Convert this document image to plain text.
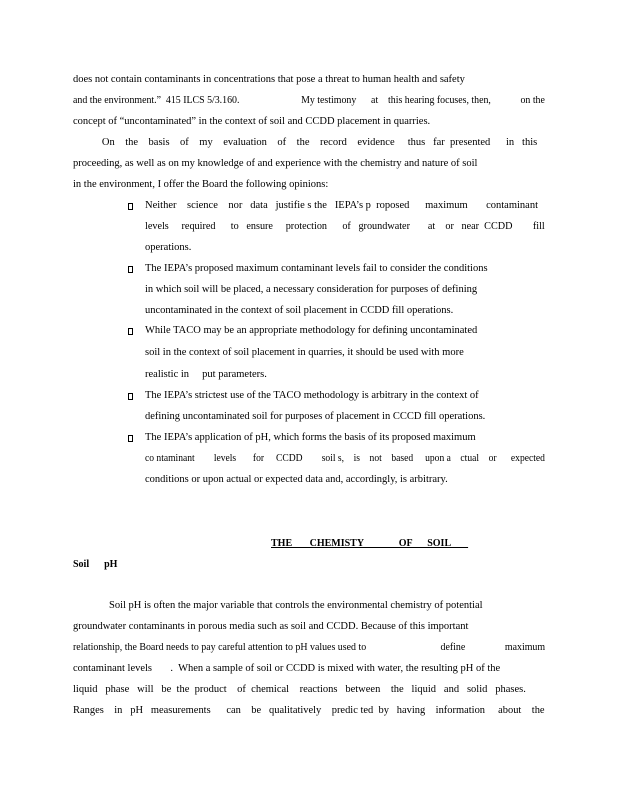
does not contain contaminants in concentrations that pose a threat to human health and safety
and the environment.”  415 ILCS 5/3.160.                         My testimony      at    this hearing focuses, then,            on the
concept of “uncontaminated” in the context of soil and CCDD placement in quarries.
On    the    basis    of    my    evaluation    of    the    record    evidence     thus   far  presented      in   this
proceeding, as well as on my knowledge of and experience with the chemistry and nature of soil
in the environment, I offer the Board the following opinions:
Neither    science    nor   data   justifie s the   IEPA’s p  roposed      maximum       contaminant
levels     required      to   ensure     protection      of   groundwater       at    or   near  CCDD        fill
operations.
The IEPA’s proposed maximum contaminant levels fail to consider the conditions
in which soil will be placed, a necessary consideration for purposes of defining
uncontaminated in the context of soil placement in CCDD fill operations.
While TACO may be an appropriate methodology for defining uncontaminated
soil in the context of soil placement in quarries, it should be used with more
realistic in     put parameters.
The IEPA’s strictest use of the TACO methodology is arbitrary in the context of
defining uncontaminated soil for purposes of placement in CCCD fill operations.
The IEPA’s application of pH, which forms the basis of its proposed maximum
co ntaminant        levels       for     CCDD        soil s,    is    not    based     upon a    ctual    or      expected
conditions or upon actual or expected data and, accordingly, is arbitrary.
THE       CHEMISTY              OF      SOIL
Soil      pH
Soil pH is often the major variable that controls the environmental chemistry of potential
groundwater contaminants in porous media such as soil and CCDD. Because of this important
relationship, the Board needs to pay careful attention to pH values used to                              define                maximum
contaminant levels       .  When a sample of soil or CCDD is mixed with water, the resulting pH of the
liquid   phase   will   be  the  product    of  chemical    reactions   between    the   liquid   and   solid   phases.
Ranges    in   pH   measurements      can    be   qualitatively    predic ted  by   having    information     about    the
